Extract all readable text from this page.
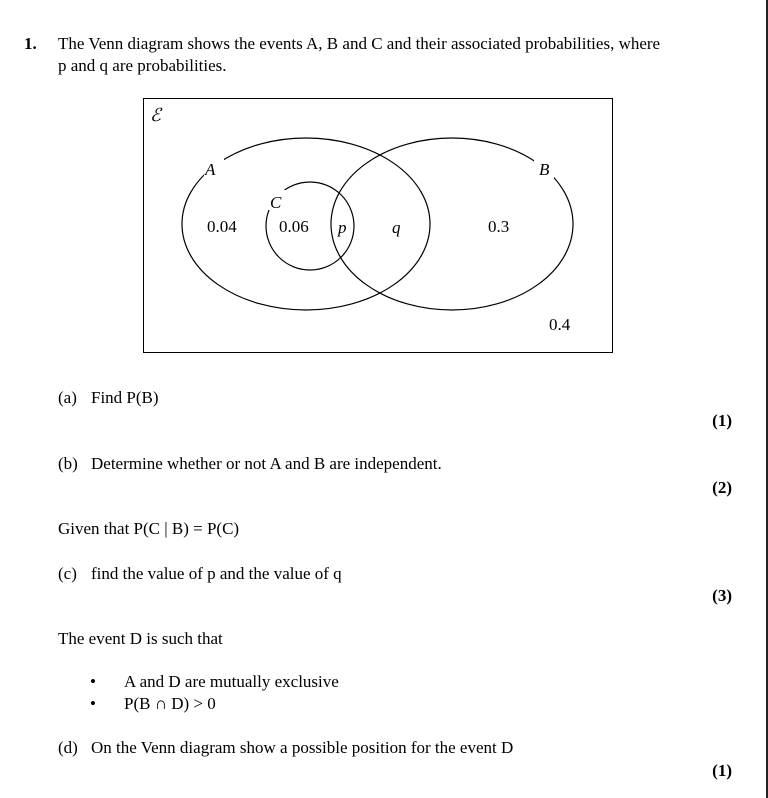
1. The Venn diagram shows the events A, B and C and their associated probabilities, where
p and q are probabilities.
ℰ
A	B
C
0.04 0.06 p	q	0.3
0.4
(a) Find P(B)
(1)
(b) Determine whether or not A and B are independent.
(2)
Given that P(C | B) = P(C)
(c) find the value of p and the value of q
(3)
The event D is such that
• A and D are mutually exclusive
• P(B ∩ D) > 0
(d) On the Venn diagram show a possible position for the event D
(1)
